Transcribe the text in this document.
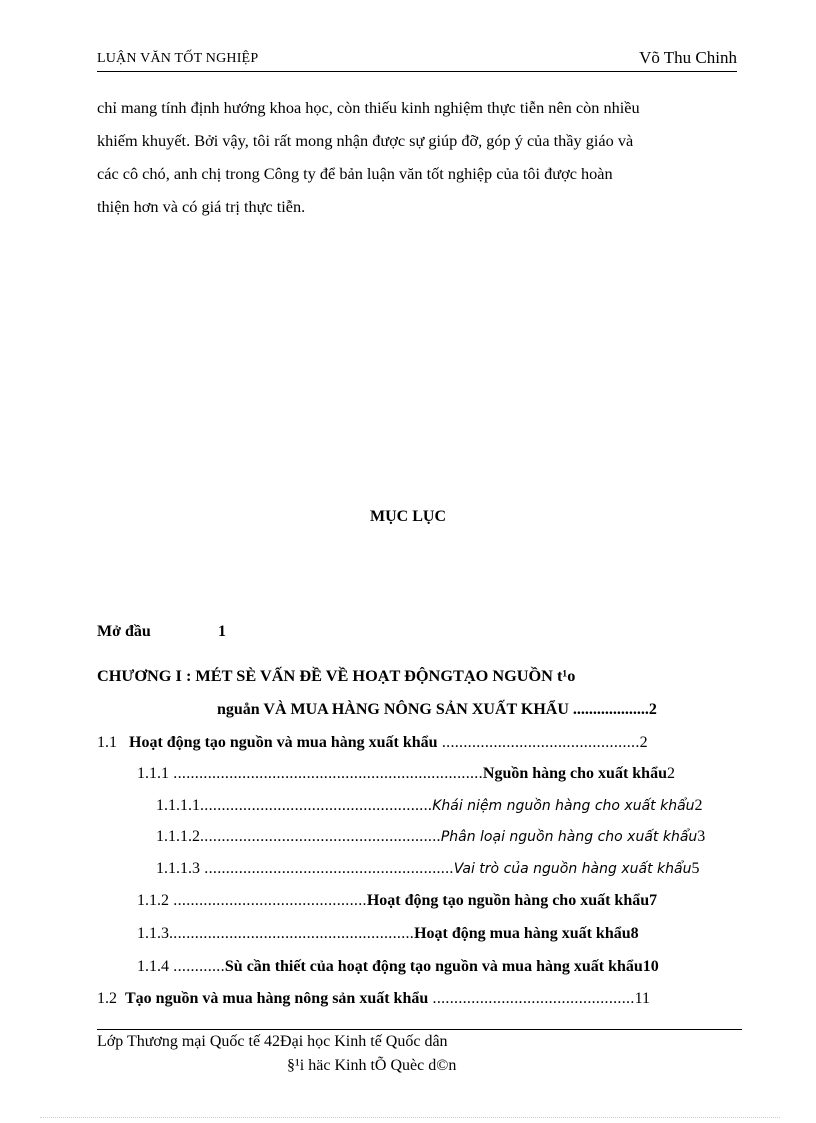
LUẬN VĂN TỐT NGHIỆP	Võ Thu Chinh

chỉ mang tính định hướng khoa học, còn thiếu kinh nghiệm thực tiễn nên còn nhiều

khiếm khuyết. Bởi vậy, tôi rất mong nhận được sự giúp đỡ, góp ý của thầy giáo và

các cô chó, anh chị trong Công ty để bản luận văn tốt nghiệp của tôi được hoàn

thiện hơn và có giá trị thực tiễn.

MỤC LỤC
Mở đầu	1
CHƯƠNG I : MÉT SÈ VẤN ĐỀ VỀ HOẠT ĐỘNGTẠO NGUỒN t¹o
nguån VÀ MUA HÀNG NÔNG SẢN XUẤT KHẨU ...................2
1.1 Hoạt động tạo nguồn và mua hàng xuất khẩu ..............................................2
1.1.1 ........................................................................Nguồn hàng cho xuất khẩu2
1.1.1.1......................................................Khái niệm nguồn hàng cho xuất khẩu2
1.1.1.2........................................................Phân loại nguồn hàng cho xuất khẩu3
1.1.1.3 ..........................................................Vai trò của nguồn hàng xuất khẩu5
1.1.2 .............................................Hoạt động tạo nguồn hàng cho xuất khẩu7
1.1.3.........................................................Hoạt động mua hàng xuất khẩu8
1.1.4 ............Sù cần thiết của hoạt động tạo nguồn và mua hàng xuất khẩu10
1.2 Tạo nguồn và mua hàng nông sản xuất khẩu ...............................................11
Lớp Thương mại Quốc tế 42Đại học Kinh tế Quốc dân
§¹i häc Kinh tÕ Quèc d©n
